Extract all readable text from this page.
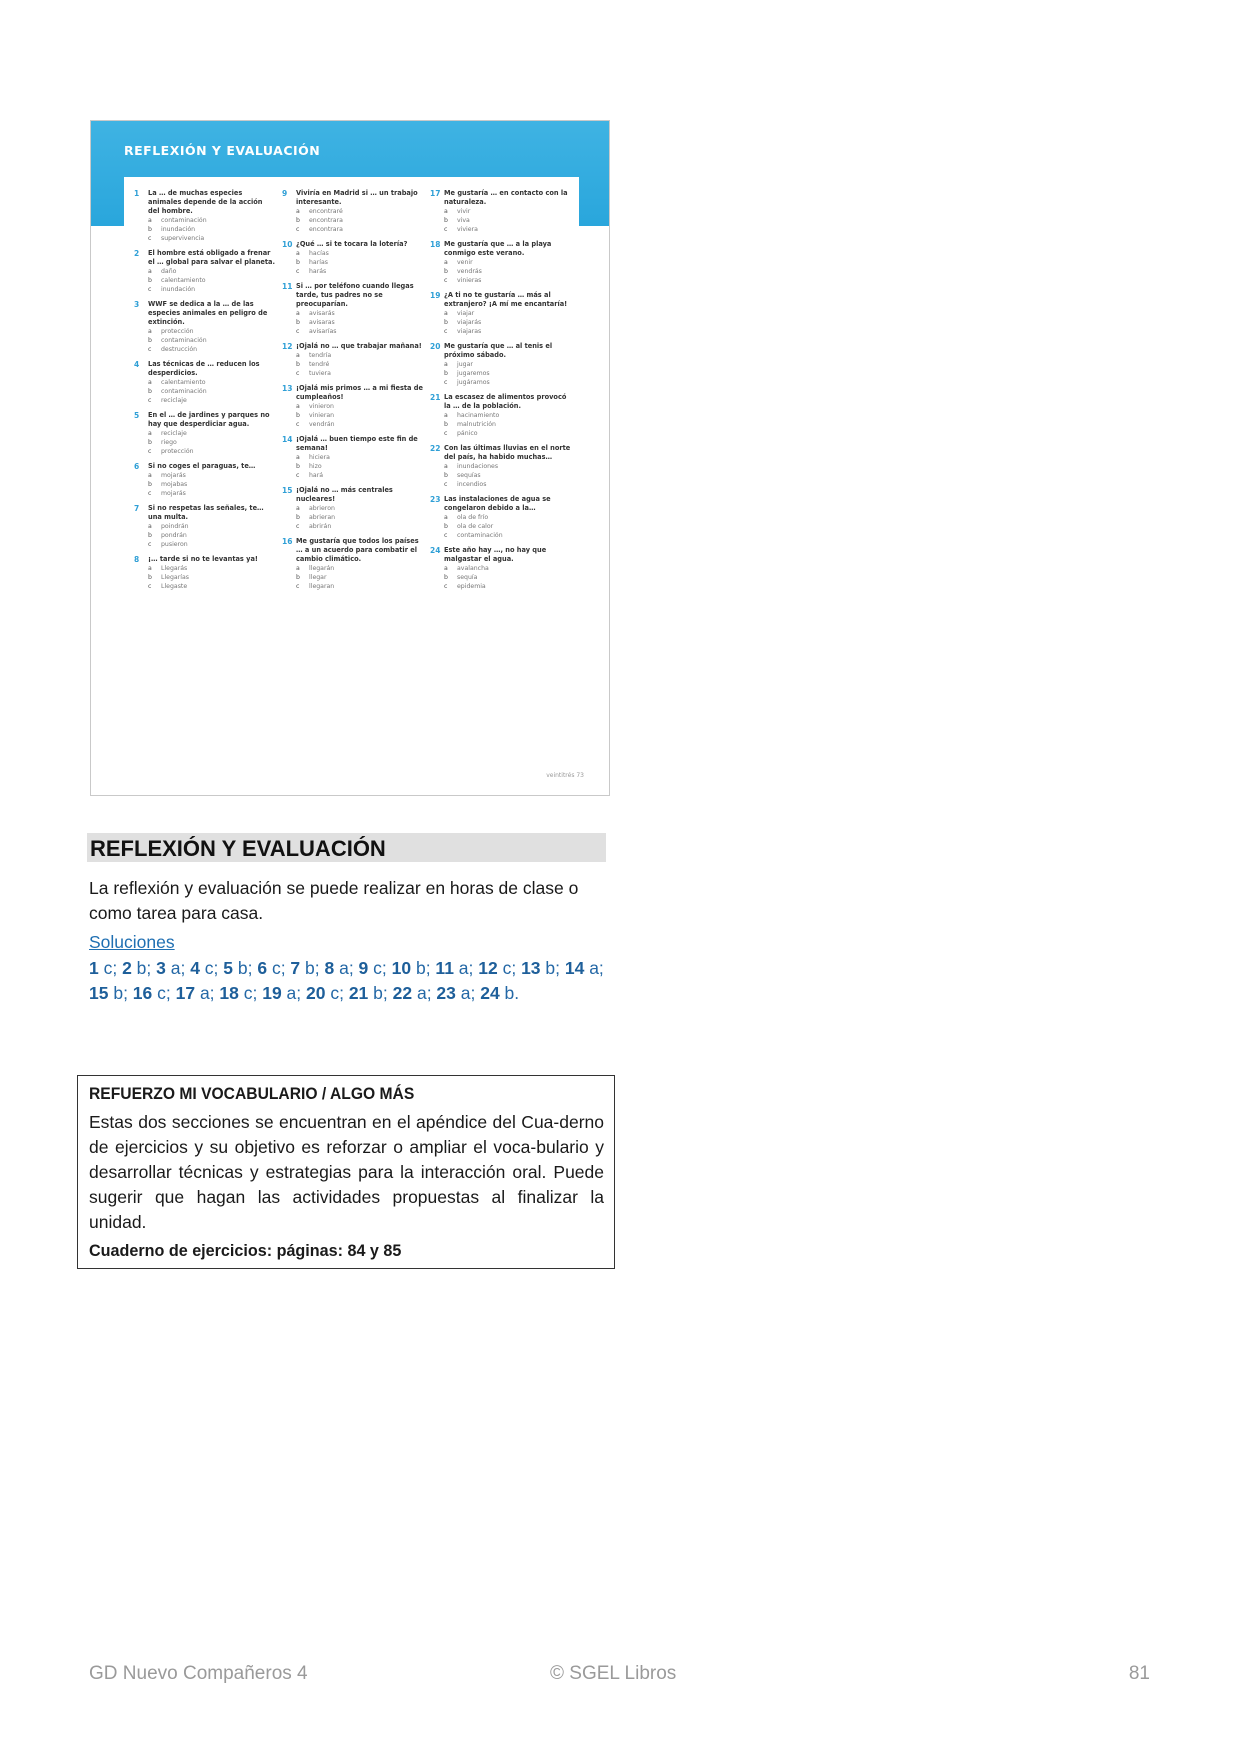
REFLEXIÓN Y EVALUACIÓN
1 La … de muchas especies animales depende de la acción del hombre.
a contaminación
b inundación
c supervivencia
2 El hombre está obligado a frenar el … global para salvar el planeta.
a daño
b calentamiento
c inundación
3 WWF se dedica a la … de las especies animales en peligro de extinción.
a protección
b contaminación
c destrucción
4 Las técnicas de … reducen los desperdicios.
a calentamiento
b contaminación
c reciclaje
5 En el … de jardines y parques no hay que desperdiciar agua.
a reciclaje
b riego
c protección
6 Si no coges el paraguas, te…
a mojarás
b mojabas
c mojarás
7 Si no respetas las señales, te… una multa.
a poindrán
b pondrán
c pusieron
8 ¡… tarde si no te levantas ya!
a Llegarás
b Llegarías
c Llegaste
9 Viviría en Madrid si … un trabajo interesante.
a encontraré
b encontrara
c encontrara
10 ¿Qué … si te tocara la lotería?
a hacías
b harías
c harás
11 Si … por teléfono cuando llegas tarde, tus padres no se preocuparían.
a avisarás
b avisaras
c avisarías
12 ¡Ojalá no … que trabajar mañana!
a tendría
b tendré
c tuviera
13 ¡Ojalá mis primos … a mi fiesta de cumpleaños!
a vinieron
b vinieran
c vendrán
14 ¡Ojalá … buen tiempo este fin de semana!
a hiciera
b hizo
c hará
15 ¡Ojalá no … más centrales nucleares!
a abrieron
b abrieran
c abrirán
16 Me gustaría que todos los países … a un acuerdo para combatir el cambio climático.
a llegarán
b llegar
c llegaran
17 Me gustaría … en contacto con la naturaleza.
a vivir
b viva
c viviera
18 Me gustaría que … a la playa conmigo este verano.
a venir
b vendrás
c vinieras
19 ¿A ti no te gustaría … más al extranjero? ¡A mí me encantaría!
a viajar
b viajarás
c viajaras
20 Me gustaría que … al tenis el próximo sábado.
a jugar
b jugaremos
c jugáramos
21 La escasez de alimentos provocó la … de la población.
a hacinamiento
b malnutrición
c pánico
22 Con las últimas lluvias en el norte del país, ha habido muchas…
a inundaciones
b sequías
c incendios
23 Las instalaciones de agua se congelaron debido a la…
a ola de frío
b ola de calor
c contaminación
24 Este año hay …, no hay que malgastar el agua.
a avalancha
b sequía
c epidemia
veintitrés 73
REFLEXIÓN Y EVALUACIÓN
La reflexión y evaluación se puede realizar en horas de clase o como tarea para casa.
Soluciones
1 c; 2 b; 3 a; 4 c; 5 b; 6 c; 7 b; 8 a; 9 c; 10 b; 11 a; 12 c; 13 b; 14 a; 15 b; 16 c; 17 a; 18 c; 19 a; 20 c; 21 b; 22 a; 23 a; 24 b.
REFUERZO MI VOCABULARIO / ALGO MÁS
Estas dos secciones se encuentran en el apéndice del Cua-derno de ejercicios y su objetivo es reforzar o ampliar el voca-bulario y desarrollar técnicas y estrategias para la interacción oral. Puede sugerir que hagan las actividades propuestas al finalizar la unidad.
Cuaderno de ejercicios: páginas: 84 y 85
GD Nuevo Compañeros 4	© SGEL Libros	81
